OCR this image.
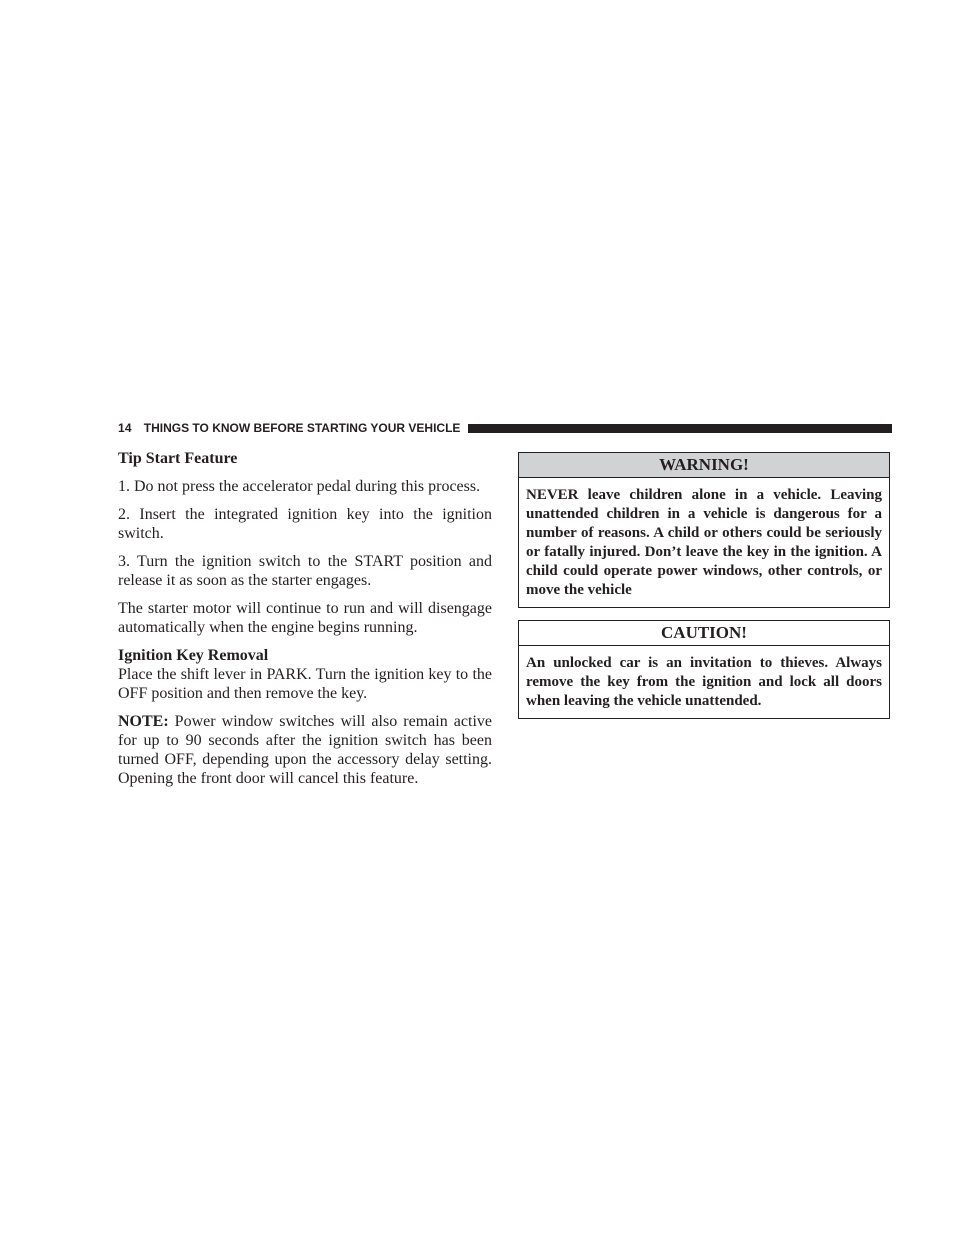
14 THINGS TO KNOW BEFORE STARTING YOUR VEHICLE
Tip Start Feature

1. Do not press the accelerator pedal during this process.

2. Insert the integrated ignition key into the ignition switch.

3. Turn the ignition switch to the START position and release it as soon as the starter engages.

The starter motor will continue to run and will disengage automatically when the engine begins running.

Ignition Key Removal

Place the shift lever in PARK. Turn the ignition key to the OFF position and then remove the key.

NOTE: Power window switches will also remain active for up to 90 seconds after the ignition switch has been turned OFF, depending upon the accessory delay setting. Opening the front door will cancel this feature.

WARNING!
NEVER leave children alone in a vehicle. Leaving unattended children in a vehicle is dangerous for a number of reasons. A child or others could be seriously or fatally injured. Don’t leave the key in the ignition. A child could operate power windows, other controls, or move the vehicle
CAUTION!
An unlocked car is an invitation to thieves. Always remove the key from the ignition and lock all doors when leaving the vehicle unattended.
